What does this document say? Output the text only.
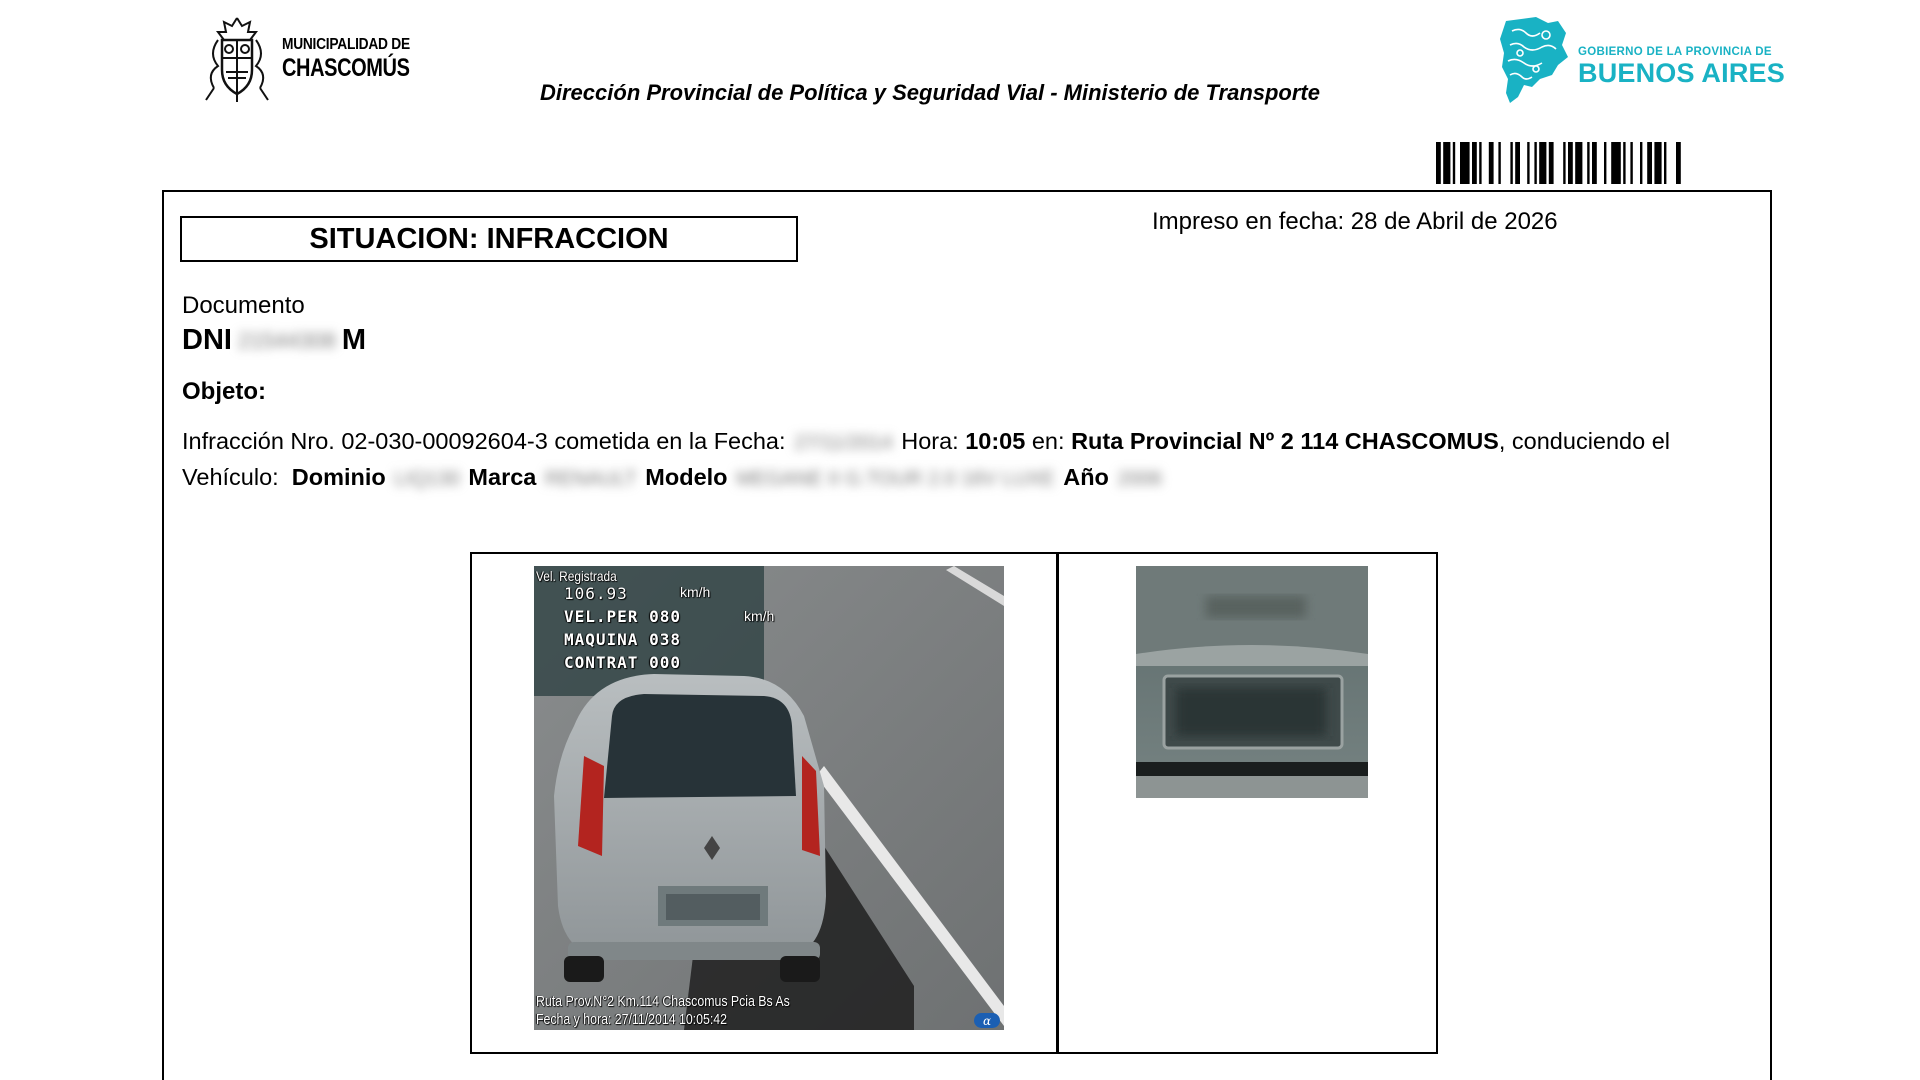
MUNICIPALIDAD DE
CHASCOMÚS
Dirección Provincial de Política y Seguridad Vial - Ministerio de Transporte
GOBIERNO DE LA PROVINCIA DE
BUENOS AIRES
SITUACION: INFRACCION
Impreso en fecha: 28 de Abril de 2026
Documento
DNI 21544308 M
Objeto:
Infracción Nro. 02-030-00092604-3 cometida en la Fecha: 27/11/2014 Hora: 10:05 en: Ruta Provincial Nº 2 114 CHASCOMUS, conduciendo el
Vehículo: Dominio LIQ130 Marca RENAULT Modelo MEGANE II G.TOUR 2.0 16V LUXE Año 2006
Vel. Registrada
106.93	km/h
VEL.PER 080	km/h
MAQUINA 038
CONTRAT 000
Ruta Prov.N°2 Km.114 Chascomus Pcia Bs As
Fecha y hora: 27/11/2014 10:05:42	α
